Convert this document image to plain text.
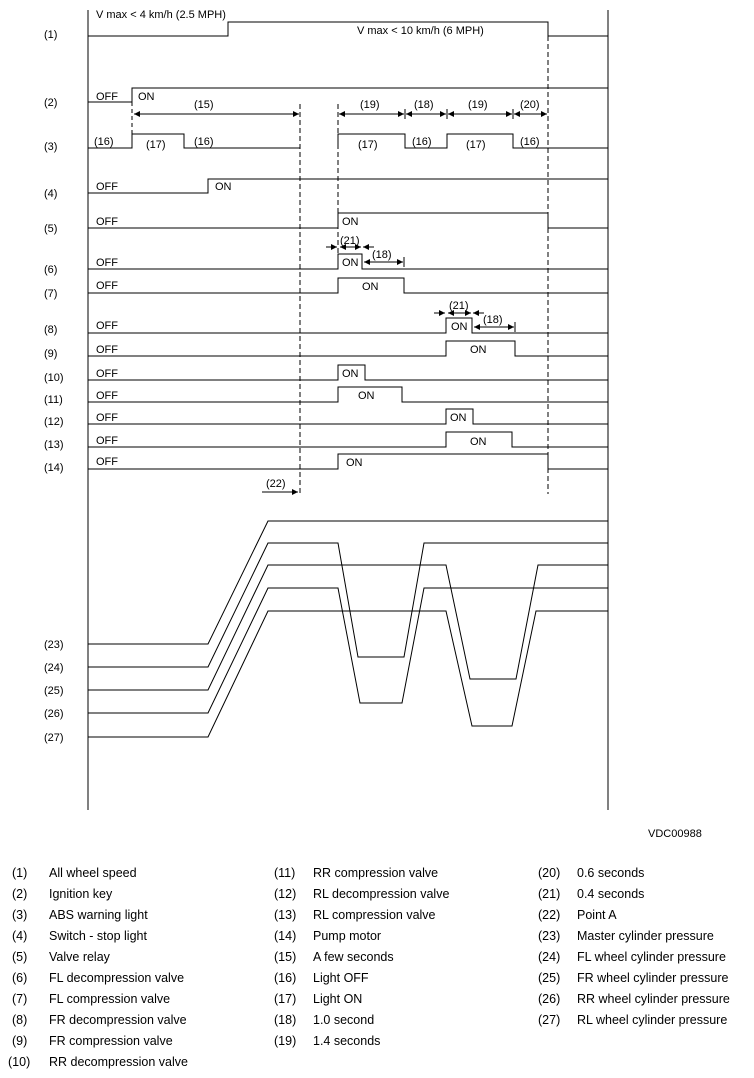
V max < 4 km/h (2.5 MPH)
V max < 10 km/h (6 MPH)
(1)
(2)
(3)
(4)
(5)
(6)
(7)
(8)
(9)
(10)
(11)
(12)
(13)
(14)
OFF
OFF
OFF
OFF
OFF
OFF
OFF
OFF
OFF
OFF
OFF
OFF
ON
ON
ON
ON
ON
ON
ON
ON
ON
ON
ON
ON
(15)	(19)	(18)	(19)	(20)
(16)	(17)	(16)	(17)	(16)	(17)	(16)
(21)
(18)
(21)
(18)
(22)
(23)
(24)
(25)
(26)
(27)
VDC00988
(1) All wheel speed
(2) Ignition key
(3) ABS warning light
(4) Switch - stop light
(5) Valve relay
(6) FL decompression valve
(7) FL compression valve
(8) FR decompression valve
(9) FR compression valve
(10) RR decompression valve
(11) RR compression valve
(12) RL decompression valve
(13) RL compression valve
(14) Pump motor
(15) A few seconds
(16) Light OFF
(17) Light ON
(18) 1.0 second
(19) 1.4 seconds
(20) 0.6 seconds
(21) 0.4 seconds
(22) Point A
(23) Master cylinder pressure
(24) FL wheel cylinder pressure
(25) FR wheel cylinder pressure
(26) RR wheel cylinder pressure
(27) RL wheel cylinder pressure
